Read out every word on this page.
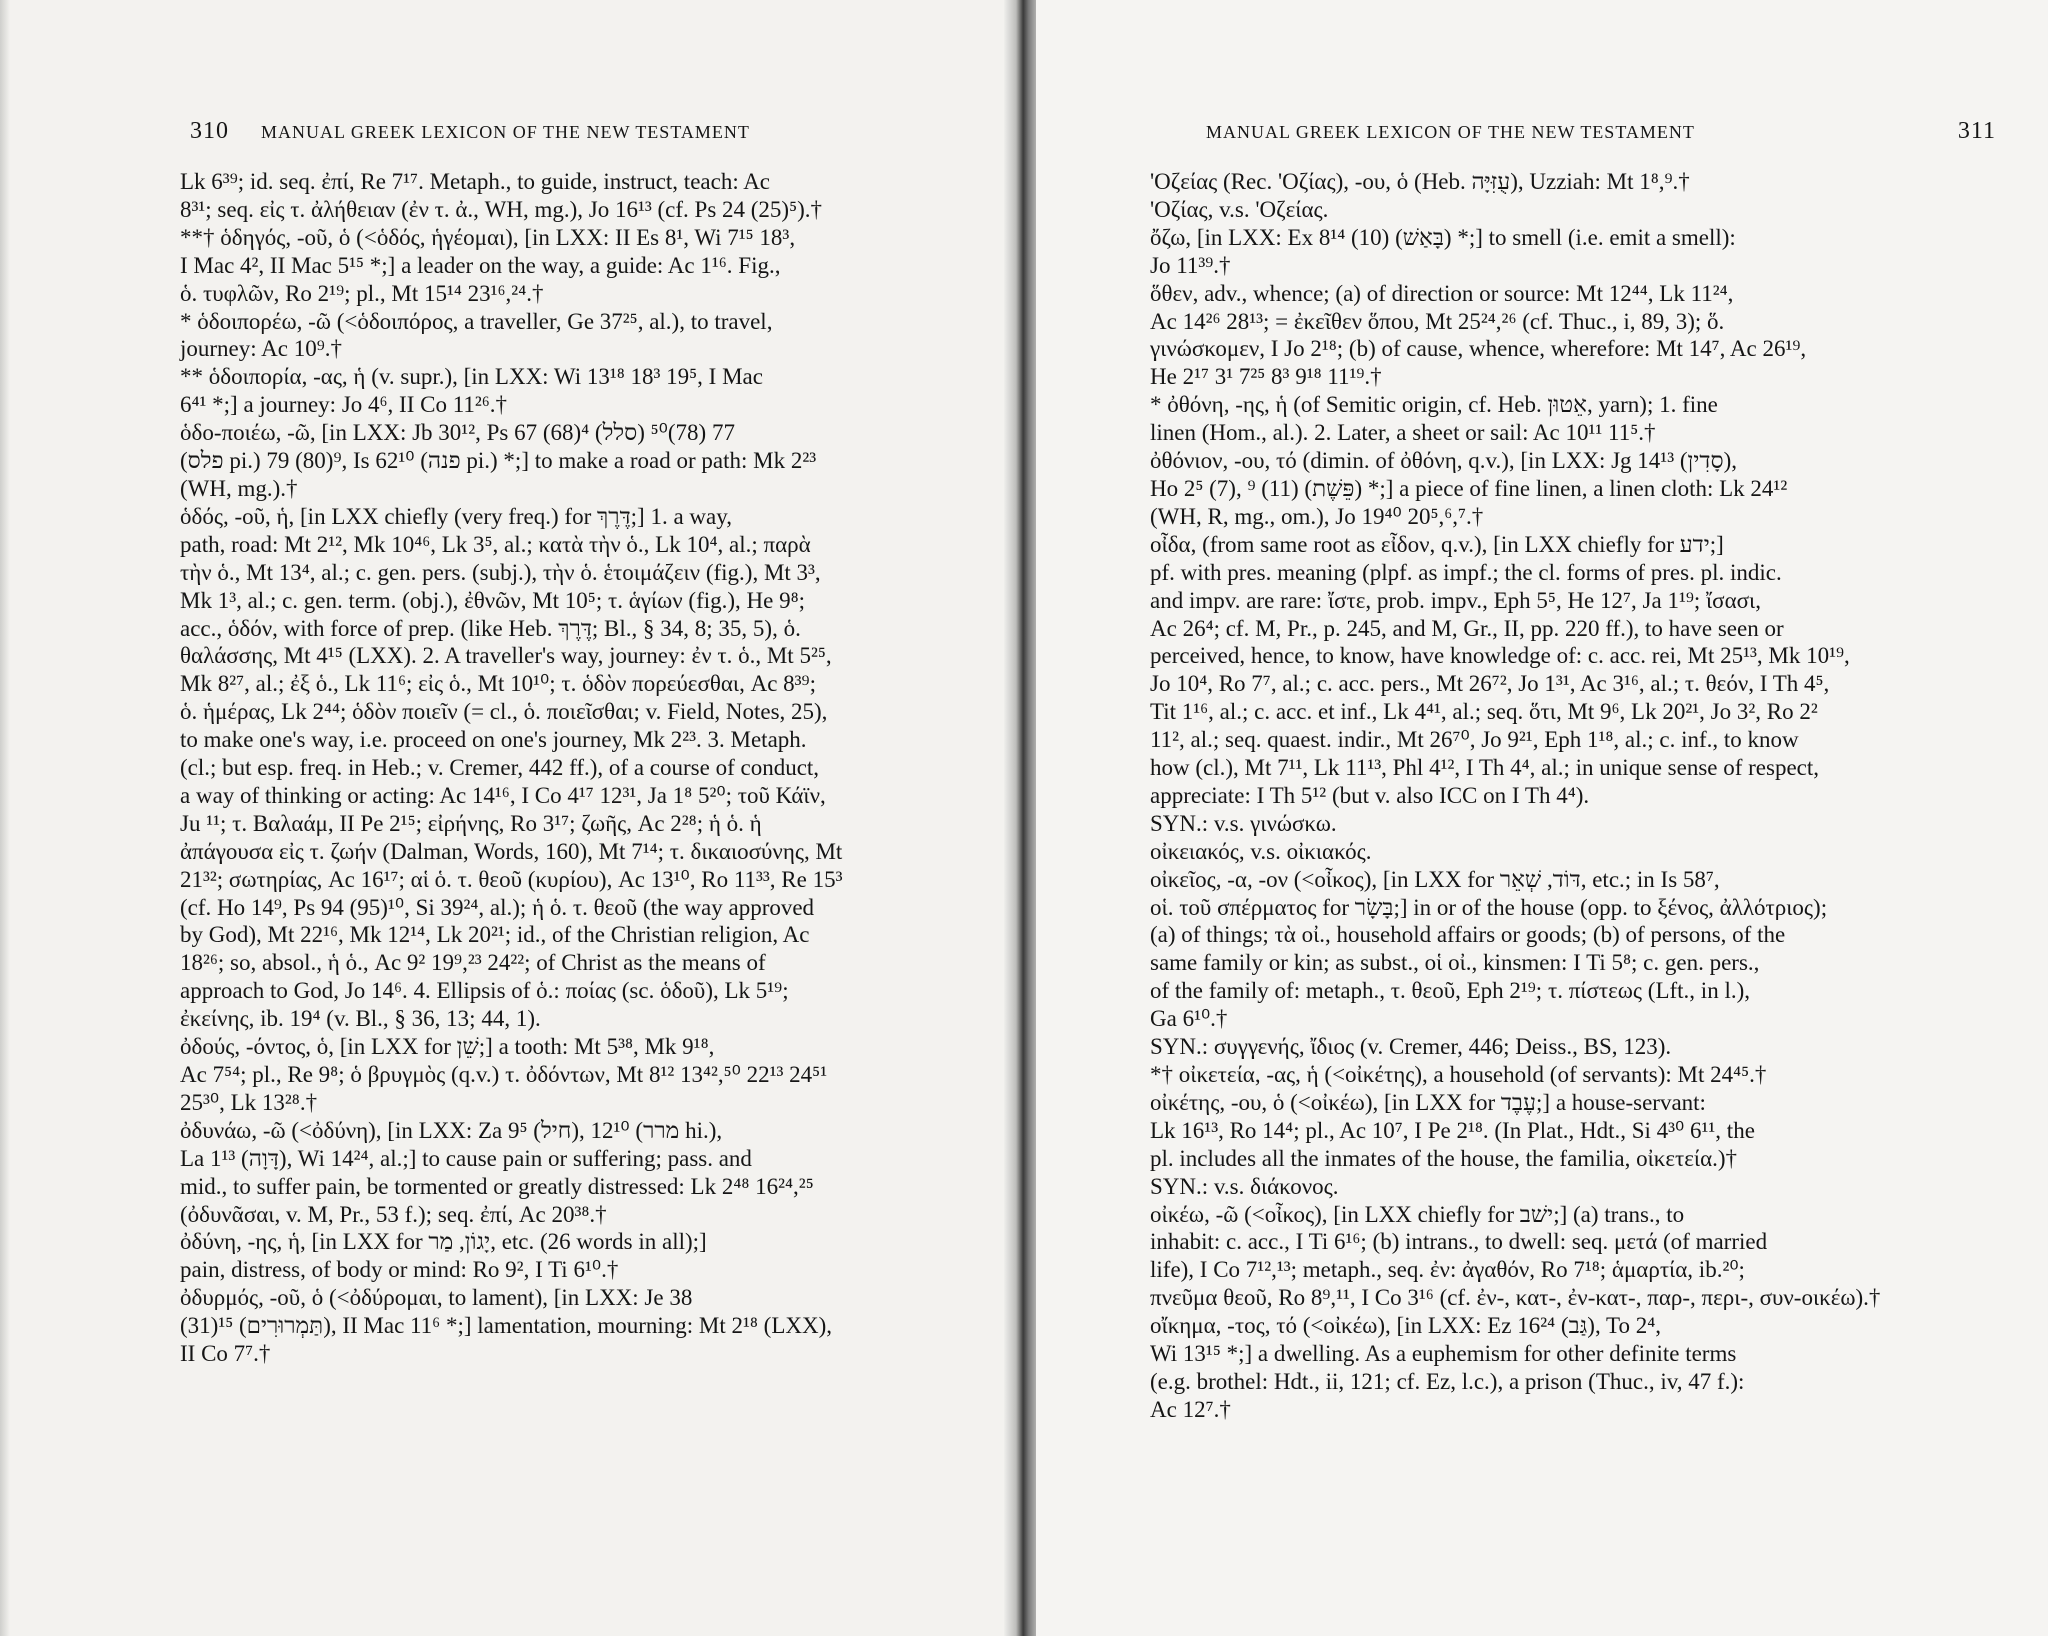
310 MANUAL GREEK LEXICON OF THE NEW TESTAMENT
Lk 6³⁹; id. seq. ἐπί, Re 7¹⁷. Metaph., to guide, instruct, teach: Ac
8³¹; seq. εἰς τ. ἀλήθειαν (ἐν τ. ἀ., WH, mg.), Jo 16¹³ (cf. Ps 24 (25)⁵).†
**† ὁδηγός, -οῦ, ὁ (<ὁδός, ἡγέομαι), [in LXX: II Es 8¹, Wi 7¹⁵ 18³,
I Mac 4², II Mac 5¹⁵ *;] a leader on the way, a guide: Ac 1¹⁶. Fig.,
ὁ. τυφλῶν, Ro 2¹⁹; pl., Mt 15¹⁴ 23¹⁶,²⁴.†
* ὁδοιπορέω, -ῶ (<ὁδοιπόρος, a traveller, Ge 37²⁵, al.), to travel,
journey: Ac 10⁹.†
** ὁδοιπορία, -ας, ἡ (v. supr.), [in LXX: Wi 13¹⁸ 18³ 19⁵, I Mac
6⁴¹ *;] a journey: Jo 4⁶, II Co 11²⁶.†
ὁδο-ποιέω, -ῶ, [in LXX: Jb 30¹², Ps 67 (68)⁴ (סלל) 77 (78)⁵⁰
(פלס pi.) 79 (80)⁹, Is 62¹⁰ (פנה pi.) *;] to make a road or path: Mk 2²³
(WH, mg.).†
ὁδός, -οῦ, ἡ, [in LXX chiefly (very freq.) for דֶּרֶךְ;] 1. a way,
path, road: Mt 2¹², Mk 10⁴⁶, Lk 3⁵, al.; κατὰ τὴν ὁ., Lk 10⁴, al.; παρὰ
τὴν ὁ., Mt 13⁴, al.; c. gen. pers. (subj.), τὴν ὁ. ἑτοιμάζειν (fig.), Mt 3³,
Mk 1³, al.; c. gen. term. (obj.), ἐθνῶν, Mt 10⁵; τ. ἁγίων (fig.), He 9⁸;
acc., ὁδόν, with force of prep. (like Heb. דֶּרֶךְ; Bl., § 34, 8; 35, 5), ὁ.
θαλάσσης, Mt 4¹⁵ (LXX). 2. A traveller's way, journey: ἐν τ. ὁ., Mt 5²⁵,
Mk 8²⁷, al.; ἐξ ὁ., Lk 11⁶; εἰς ὁ., Mt 10¹⁰; τ. ὁδὸν πορεύεσθαι, Ac 8³⁹;
ὁ. ἡμέρας, Lk 2⁴⁴; ὁδὸν ποιεῖν (= cl., ὁ. ποιεῖσθαι; v. Field, Notes, 25),
to make one's way, i.e. proceed on one's journey, Mk 2²³. 3. Metaph.
(cl.; but esp. freq. in Heb.; v. Cremer, 442 ff.), of a course of conduct,
a way of thinking or acting: Ac 14¹⁶, I Co 4¹⁷ 12³¹, Ja 1⁸ 5²⁰; τοῦ Κάϊν,
Ju ¹¹; τ. Βαλαάμ, II Pe 2¹⁵; εἰρήνης, Ro 3¹⁷; ζωῆς, Ac 2²⁸; ἡ ὁ. ἡ
ἀπάγουσα εἰς τ. ζωήν (Dalman, Words, 160), Mt 7¹⁴; τ. δικαιοσύνης, Mt
21³²; σωτηρίας, Ac 16¹⁷; αἱ ὁ. τ. θεοῦ (κυρίου), Ac 13¹⁰, Ro 11³³, Re 15³
(cf. Ho 14⁹, Ps 94 (95)¹⁰, Si 39²⁴, al.); ἡ ὁ. τ. θεοῦ (the way approved
by God), Mt 22¹⁶, Mk 12¹⁴, Lk 20²¹; id., of the Christian religion, Ac
18²⁶; so, absol., ἡ ὁ., Ac 9² 19⁹,²³ 24²²; of Christ as the means of
approach to God, Jo 14⁶. 4. Ellipsis of ὁ.: ποίας (sc. ὁδοῦ), Lk 5¹⁹;
ἐκείνης, ib. 19⁴ (v. Bl., § 36, 13; 44, 1).
ὀδούς, -όντος, ὁ, [in LXX for שֵׁן;] a tooth: Mt 5³⁸, Mk 9¹⁸,
Ac 7⁵⁴; pl., Re 9⁸; ὁ βρυγμὸς (q.v.) τ. ὀδόντων, Mt 8¹² 13⁴²,⁵⁰ 22¹³ 24⁵¹
25³⁰, Lk 13²⁸.†
ὀδυνάω, -ῶ (<ὀδύνη), [in LXX: Za 9⁵ (חיל), 12¹⁰ (מרר hi.),
La 1¹³ (דָּוָה), Wi 14²⁴, al.;] to cause pain or suffering; pass. and
mid., to suffer pain, be tormented or greatly distressed: Lk 2⁴⁸ 16²⁴,²⁵
(ὀδυνᾶσαι, v. M, Pr., 53 f.); seq. ἐπί, Ac 20³⁸.†
ὀδύνη, -ης, ἡ, [in LXX for יָגוֹן, מַר, etc. (26 words in all);]
pain, distress, of body or mind: Ro 9², I Ti 6¹⁰.†
ὀδυρμός, -οῦ, ὁ (<ὀδύρομαι, to lament), [in LXX: Je 38
(31)¹⁵ (תַּמְרוּרִים), II Mac 11⁶ *;] lamentation, mourning: Mt 2¹⁸ (LXX),
II Co 7⁷.†
MANUAL GREEK LEXICON OF THE NEW TESTAMENT	311
'Οζείας (Rec. 'Οζίας), -ου, ὁ (Heb. עֻזִּיָּה), Uzziah: Mt 1⁸,⁹.†
'Οζίας, v.s. 'Οζείας.
ὄζω, [in LXX: Ex 8¹⁴ (10) (בָּאַשׁ) *;] to smell (i.e. emit a smell):
Jo 11³⁹.†
ὅθεν, adv., whence; (a) of direction or source: Mt 12⁴⁴, Lk 11²⁴,
Ac 14²⁶ 28¹³; = ἐκεῖθεν ὅπου, Mt 25²⁴,²⁶ (cf. Thuc., i, 89, 3); ὅ.
γινώσκομεν, I Jo 2¹⁸; (b) of cause, whence, wherefore: Mt 14⁷, Ac 26¹⁹,
He 2¹⁷ 3¹ 7²⁵ 8³ 9¹⁸ 11¹⁹.†
* ὀθόνη, -ης, ἡ (of Semitic origin, cf. Heb. אֵטוּן, yarn); 1. fine
linen (Hom., al.). 2. Later, a sheet or sail: Ac 10¹¹ 11⁵.†
ὀθόνιον, -ου, τό (dimin. of ὀθόνη, q.v.), [in LXX: Jg 14¹³ (סָדִין),
Ho 2⁵ (7), ⁹ (11) (פֵּשֶׁת) *;] a piece of fine linen, a linen cloth: Lk 24¹²
(WH, R, mg., om.), Jo 19⁴⁰ 20⁵,⁶,⁷.†
οἶδα, (from same root as εἶδον, q.v.), [in LXX chiefly for ידע;]
pf. with pres. meaning (plpf. as impf.; the cl. forms of pres. pl. indic.
and impv. are rare: ἴστε, prob. impv., Eph 5⁵, He 12⁷, Ja 1¹⁹; ἴσασι,
Ac 26⁴; cf. M, Pr., p. 245, and M, Gr., II, pp. 220 ff.), to have seen or
perceived, hence, to know, have knowledge of: c. acc. rei, Mt 25¹³, Mk 10¹⁹,
Jo 10⁴, Ro 7⁷, al.; c. acc. pers., Mt 26⁷², Jo 1³¹, Ac 3¹⁶, al.; τ. θεόν, I Th 4⁵,
Tit 1¹⁶, al.; c. acc. et inf., Lk 4⁴¹, al.; seq. ὅτι, Mt 9⁶, Lk 20²¹, Jo 3², Ro 2²
11², al.; seq. quaest. indir., Mt 26⁷⁰, Jo 9²¹, Eph 1¹⁸, al.; c. inf., to know
how (cl.), Mt 7¹¹, Lk 11¹³, Phl 4¹², I Th 4⁴, al.; in unique sense of respect,
appreciate: I Th 5¹² (but v. also ICC on I Th 4⁴).
SYN.: v.s. γινώσκω.
οἰκειακός, v.s. οἰκιακός.
οἰκεῖος, -α, -ον (<οἶκος), [in LXX for דּוֹד, שְׁאֵר, etc.; in Is 58⁷,
οἱ. τοῦ σπέρματος for בָּשָׂר;] in or of the house (opp. to ξένος, ἀλλότριος);
(a) of things; τὰ οἰ., household affairs or goods; (b) of persons, of the
same family or kin; as subst., οἱ οἰ., kinsmen: I Ti 5⁸; c. gen. pers.,
of the family of: metaph., τ. θεοῦ, Eph 2¹⁹; τ. πίστεως (Lft., in l.),
Ga 6¹⁰.†
SYN.: συγγενής, ἴδιος (v. Cremer, 446; Deiss., BS, 123).
*† οἰκετεία, -ας, ἡ (<οἰκέτης), a household (of servants): Mt 24⁴⁵.†
οἰκέτης, -ου, ὁ (<οἰκέω), [in LXX for עֶבֶד;] a house-servant:
Lk 16¹³, Ro 14⁴; pl., Ac 10⁷, I Pe 2¹⁸. (In Plat., Hdt., Si 4³⁰ 6¹¹, the
pl. includes all the inmates of the house, the familia, οἰκετεία.)†
SYN.: v.s. διάκονος.
οἰκέω, -ῶ (<οἶκος), [in LXX chiefly for ישׁב;] (a) trans., to
inhabit: c. acc., I Ti 6¹⁶; (b) intrans., to dwell: seq. μετά (of married
life), I Co 7¹²,¹³; metaph., seq. ἐν: ἀγαθόν, Ro 7¹⁸; ἁμαρτία, ib.²⁰;
πνεῦμα θεοῦ, Ro 8⁹,¹¹, I Co 3¹⁶ (cf. ἐν-, κατ-, ἐν-κατ-, παρ-, περι-, συν-οικέω).†
οἴκημα, -τος, τό (<οἰκέω), [in LXX: Ez 16²⁴ (גַּב), To 2⁴,
Wi 13¹⁵ *;] a dwelling. As a euphemism for other definite terms
(e.g. brothel: Hdt., ii, 121; cf. Ez, l.c.), a prison (Thuc., iv, 47 f.):
Ac 12⁷.†
